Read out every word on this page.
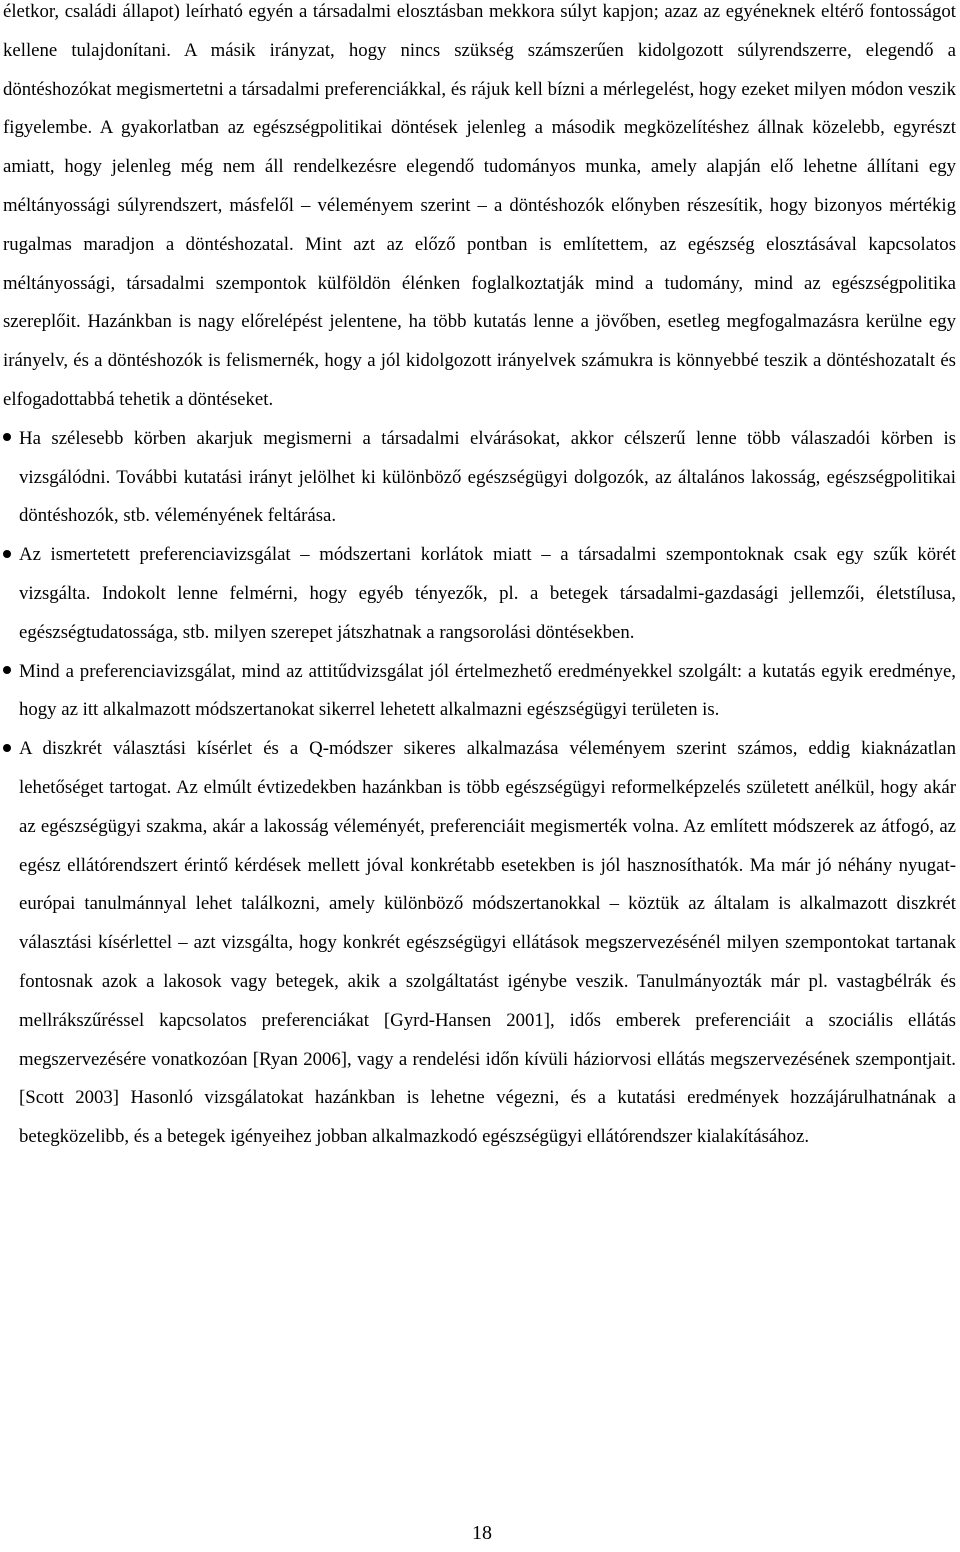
életkor, családi állapot) leírható egyén a társadalmi elosztásban mekkora súlyt kapjon; azaz az egyéneknek eltérő fontosságot kellene tulajdonítani. A másik irányzat, hogy nincs szükség számszerűen kidolgozott súlyrendszerre, elegendő a döntéshozókat megismertetni a társadalmi preferenciákkal, és rájuk kell bízni a mérlegelést, hogy ezeket milyen módon veszik figyelembe. A gyakorlatban az egészségpolitikai döntések jelenleg a második megközelítéshez állnak közelebb, egyrészt amiatt, hogy jelenleg még nem áll rendelkezésre elegendő tudományos munka, amely alapján elő lehetne állítani egy méltányossági súlyrendszert, másfelől ‒ véleményem szerint ‒ a döntéshozók előnyben részesítik, hogy bizonyos mértékig rugalmas maradjon a döntéshozatal. Mint azt az előző pontban is említettem, az egészség elosztásával kapcsolatos méltányossági, társadalmi szempontok külföldön élénken foglalkoztatják mind a tudomány, mind az egészségpolitika szereplőit. Hazánkban is nagy előrelépést jelentene, ha több kutatás lenne a jövőben, esetleg megfogalmazásra kerülne egy irányelv, és a döntéshozók is felismernék, hogy a jól kidolgozott irányelvek számukra is könnyebbé teszik a döntéshozatalt és elfogadottabbá tehetik a döntéseket.

Ha szélesebb körben akarjuk megismerni a társadalmi elvárásokat, akkor célszerű lenne több válaszadói körben is vizsgálódni. További kutatási irányt jelölhet ki különböző egészségügyi dolgozók, az általános lakosság, egészségpolitikai döntéshozók, stb. véleményének feltárása.
Az ismertetett preferenciavizsgálat ‒ módszertani korlátok miatt ‒ a társadalmi szempontoknak csak egy szűk körét vizsgálta. Indokolt lenne felmérni, hogy egyéb tényezők, pl. a betegek társadalmi-gazdasági jellemzői, életstílusa, egészségtudatossága, stb. milyen szerepet játszhatnak a rangsorolási döntésekben.
Mind a preferenciavizsgálat, mind az attitűdvizsgálat jól értelmezhető eredményekkel szolgált: a kutatás egyik eredménye, hogy az itt alkalmazott módszertanokat sikerrel lehetett alkalmazni egészségügyi területen is.
A diszkrét választási kísérlet és a Q-módszer sikeres alkalmazása véleményem szerint számos, eddig kiaknázatlan lehetőséget tartogat. Az elmúlt évtizedekben hazánkban is több egészségügyi reformelképzelés született anélkül, hogy akár az egészségügyi szakma, akár a lakosság véleményét, preferenciáit megismerték volna. Az említett módszerek az átfogó, az egész ellátórendszert érintő kérdések mellett jóval konkrétabb esetekben is jól hasznosíthatók. Ma már jó néhány nyugat-európai tanulmánnyal lehet találkozni, amely különböző módszertanokkal ‒ köztük az általam is alkalmazott diszkrét választási kísérlettel ‒ azt vizsgálta, hogy konkrét egészségügyi ellátások megszervezésénél milyen szempontokat tartanak fontosnak azok a lakosok vagy betegek, akik a szolgáltatást igénybe veszik. Tanulmányozták már pl. vastagbélrák és mellrákszűréssel kapcsolatos preferenciákat [Gyrd-Hansen 2001], idős emberek preferenciáit a szociális ellátás megszervezésére vonatkozóan [Ryan 2006], vagy a rendelési időn kívüli háziorvosi ellátás megszervezésének szempontjait. [Scott 2003] Hasonló vizsgálatokat hazánkban is lehetne végezni, és a kutatási eredmények hozzájárulhatnának a betegközelibb, és a betegek igényeihez jobban alkalmazkodó egészségügyi ellátórendszer kialakításához.
18
